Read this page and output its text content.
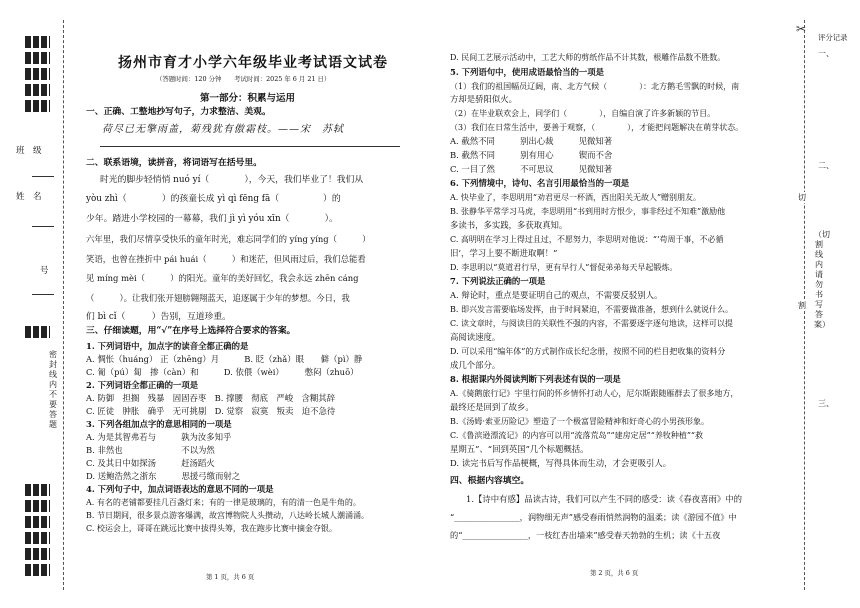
班　级
姓　名
号
密封线内不要答题
扬州市育才小学六年级毕业考试语文试卷
（答题时间：120 分钟　　考试时间：2025 年 6 月 21 日）
第一部分：积累与运用
一、正确、工整地抄写句子，力求整洁、美观。
荷尽已无擎雨盖，菊残犹有傲霜枝。——宋　苏轼
二、联系语境，读拼音，将词语写在括号里。
时光的脚步轻悄悄 nuó yí（　　　　），今天，我们毕业了！我们从
yòu zhì（　　　　）的孩童长成 yì qì fēng fā（　　　　　）的
少年。踏进小学校园的一幕幕，我们 jì yì yóu xīn（　　　　）。
六年里，我们尽情享受快乐的童年时光，难忘同学们的 yíng yíng（　　　）
笑语，也曾在挫折中 pái huái（　　　）和迷茫，但风雨过后，我们总能看
见 míng mèi（　　　）的阳光。童年的美好回忆，我会永远 zhēn cáng
（　　　）。让我们张开翅膀翱翔蓝天，追逐属于少年的梦想。今日，我
们 bì cǐ（　　　）告别，互道珍重。
三、仔细读题，用“√”在序号上选择符合要求的答案。
1. 下列词语中，加点字的读音全都正确的是
A. 惆怅（huáng） 正（zhēng）月　　　B. 眨（zhǎ）眼　　僻（pì）静
C. 匍（pú）匐　掺（càn）和　　　D. 依偎（wèi）　　　憋闷（zhuō）
2. 下列词语全都正确的一项是
A. 防御　担搁　残暴　固固吞枣　B. 撑腰　彻底　严峻　含糊其辞
C. 匠徒　肿胀　确乎　无可挑剔　D. 觉察　寂寞　叛卖　迫不急待
3. 下列各组加点字的意思相同的一项是
A. 为是其智弗若与　　　孰为汝多知乎
B. 非然也　　　　　　　不以为然
C. 及其日中如探汤　　　赶汤蹈火
D. 送鲍浩然之浙东　　　思援弓缴而射之
4. 下列句子中，加点词语表达的意思不同的一项是
A. 有名的老铺都要挂几百盏灯来；有的一律是玻璃的，有的清一色是牛角的。
B. 节日期间，很多景点游客爆满，故宫博物院人头攒动，八达岭长城人潮涌涌。
C. 校运会上，哥哥在跳远比赛中拔得头筹，我在跑步比赛中摘金夺银。
第 1 页，共 6 页
D. 民间工艺展示活动中，工艺大师的剪纸作品不计其数，根雕作品数不胜数。
5. 下列语句中，使用成语最恰当的一项是
（1）我们的祖国幅员辽阔，南、北方气候（　　　　）：北方鹅毛雪飘的时候，南
方却是骄阳似火。
（2）在毕业联欢会上，同学们（　　　　），自编自演了许多新颖的节目。
（3）我们在日常生活中，要善于观察，（　　　　），才能把问题解决在萌芽状态。
A. 截然不同　　　别出心裁　　　见微知著
B. 截然不同　　　别有用心　　　锲而不舍
C. 一目了然　　　不可思议　　　见微知著
6. 下列情境中，诗句、名言引用最恰当的一项是
A. 快毕业了，李思明用“劝君更尽一杯酒，西出阳关无故人”赠别朋友。
B. 张静华平常学习马虎，李思明用“书到用时方恨少，事非经过不知难”激励他
多读书，多实践，多获取真知。
C. 高明明在学习上得过且过，不愿努力，李思明对他说：“‘苟周于事，不必循
旧’，学习上要不断进取啊！”
D. 李思明以“莫道君行早，更有早行人”督促弟弟每天早起锻炼。
7. 下列说法正确的一项是
A. 辩论时，重点是要证明自己的观点，不需要反驳别人。
B. 即兴发言需要临场发挥，由于时间紧迫，不需要做准备，想到什么就说什么。
C. 读文章时，与阅读目的关联性不强的内容，不需要逐字逐句地读，这样可以提
高阅读速度。
D. 可以采用“编年体”的方式制作成长纪念册，按照不同的栏目把收集的资料分
成几个部分。
8. 根据课内外阅读判断下列表述有误的一项是
A.《骑鹅旅行记》宇里行间的怀乡情怀打动人心，尼尔斯跟随雁群去了很多地方，
最终还是回到了故乡。
B.《汤姆·索亚历险记》塑造了一个极富冒险精神和好奇心的小男孩形象。
C.《鲁滨逊漂流记》的内容可以用“流落荒岛”“建房定居”“养牧种植”“救
星期五”、“回到英国”几个标题概括。
D. 读完书后写作品梗概，写得具体而生动，才会更吸引人。
四、根据内容填空。
1.【诗中有感】品读古诗，我们可以产生不同的感受：读《春夜喜雨》中的
“________________，润物细无声”感受春雨悄然润物的温柔；读《游园不值》中
的“________________，一枝红杏出墙来”感受春天勃勃的生机；读《十五夜
第 2 页，共 6 页
✂
评分记录
一、
二、
切
（切割线内请勿书写答案）
割
三、
